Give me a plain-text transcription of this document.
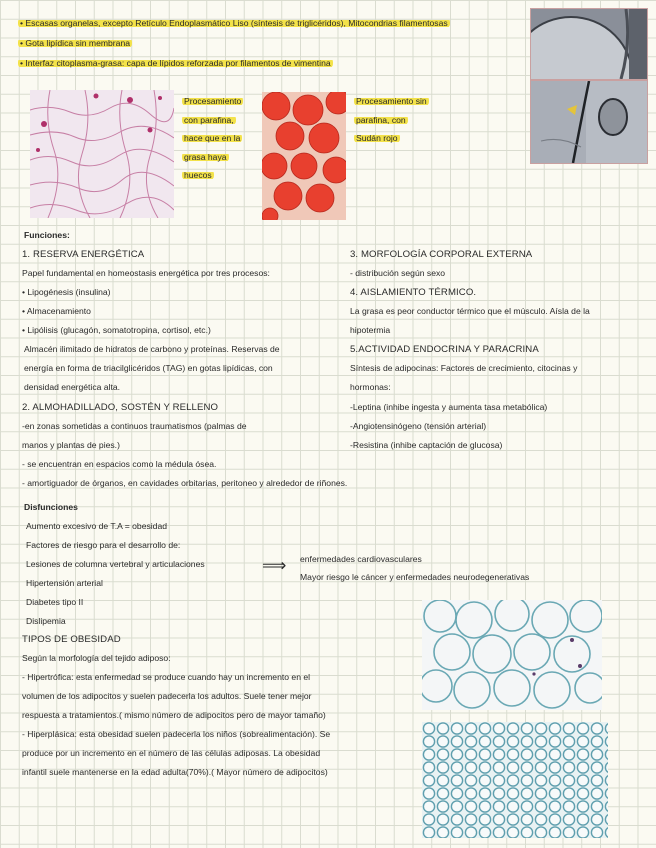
• Escasas organelas, excepto Retículo Endoplasmático Liso (síntesis de triglicéridos), Mitocondrias filamentosas
• Gota lipídica sin membrana
• Interfaz citoplasma-grasa: capa de lípidos reforzada por filamentos de vimentina
Procesamiento
con parafina,
hace que en la
grasa haya
huecos
Procesamiento sin
parafina, con
Sudán rojo
Funciones:
1. RESERVA ENERGÉTICA
Papel fundamental en homeostasis energética por tres procesos:
• Lipogénesis (insulina)
• Almacenamiento
• Lipólisis (glucagón, somatotropina, cortisol, etc.)
Almacén ilimitado de hidratos de carbono y proteínas. Reservas de
energía en forma de triacilglicéridos (TAG) en gotas lipídicas, con
densidad energética alta.
2. ALMOHADILLADO, SOSTÉN Y RELLENO
-en zonas sometidas a continuos traumatismos (palmas de
manos y plantas de pies.)
- se encuentran en espacios como la médula ósea.
- amortiguador de órganos, en cavidades orbitarias, peritoneo y alrededor de riñones.
3. MORFOLOGÍA CORPORAL EXTERNA
- distribución según sexo
4. AISLAMIENTO TÉRMICO.
La grasa es peor conductor térmico que el músculo. Aísla de la
hipotermia
5.ACTIVIDAD ENDOCRINA Y PARACRINA
Síntesis de adipocinas: Factores de crecimiento, citocinas y
hormonas:
-Leptina (inhibe ingesta y aumenta tasa metabólica)
-Angiotensinógeno (tensión arterial)
-Resistina (inhibe captación de glucosa)
Disfunciones
Aumento excesivo de T.A = obesidad
Factores de riesgo para el desarrollo de:
Lesiones de columna vertebral y articulaciones
Hipertensión arterial
Diabetes tipo II
Dislipemia
⟹ enfermedades cardiovasculares
Mayor riesgo le cáncer y enfermedades neurodegenerativas
TIPOS DE OBESIDAD
Según la morfología del tejido adiposo:
- Hipertrófica: esta enfermedad se produce cuando hay un incremento en el
volumen de los adipocitos y suelen padecerla los adultos. Suele tener mejor
respuesta a tratamientos.( mismo número de adipocitos pero de mayor tamaño)
- Hiperplásica: esta obesidad suelen padecerla los niños (sobrealimentación). Se
produce por un incremento en el número de las células adiposas. La obesidad
infantil suele mantenerse en la edad adulta(70%).( Mayor número de adipocitos)
